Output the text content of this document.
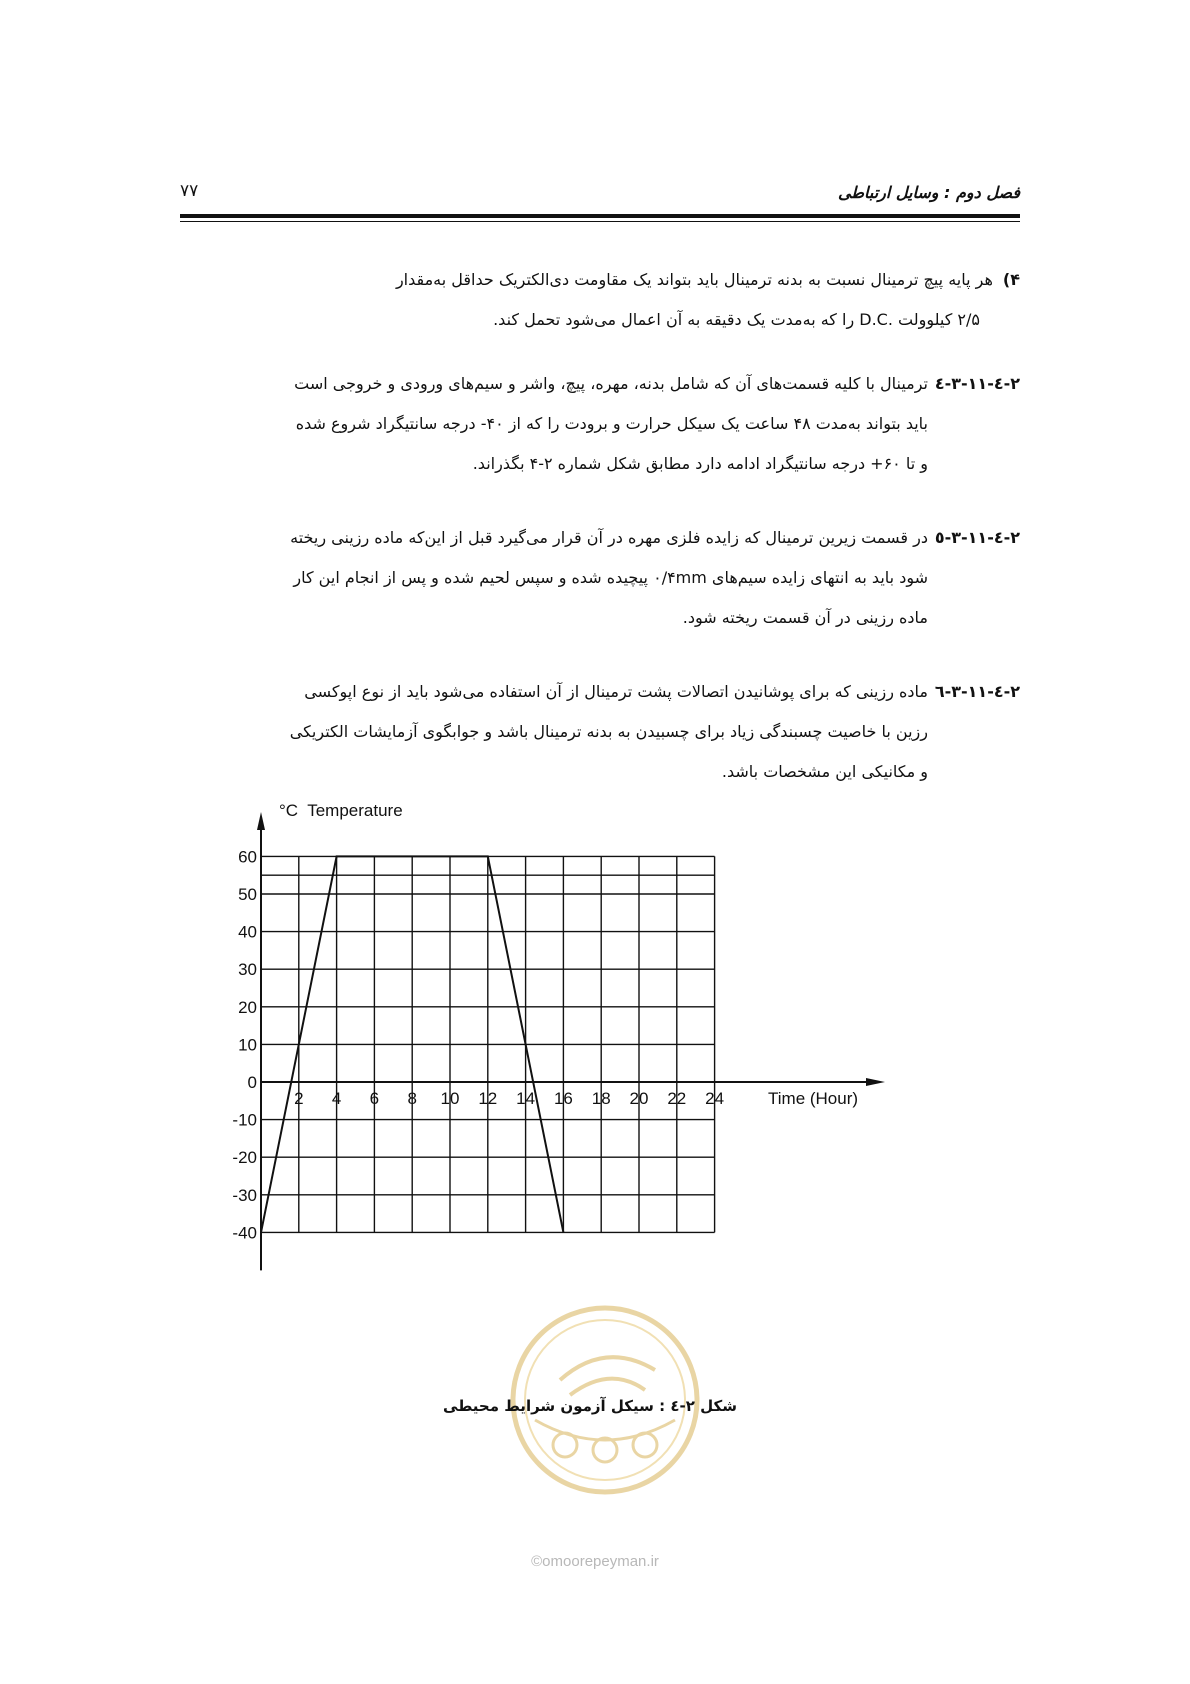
فصل دوم : وسایل ارتباطی
۷۷
۴)هر پایه پیچ ترمینال نسبت به بدنه ترمینال باید بتواند یک مقاومت دی‌الکتریک حداقل به‌مقدار
۲/۵ کیلوولت .D.C را که به‌مدت یک دقیقه به آن اعمال می‌شود تحمل کند.
۲-٤-۳-۱۱-٤
ترمینال با کلیه قسمت‌های آن که شامل بدنه، مهره، پیچ، واشر و سیم‌های ورودی و خروجی است
باید بتواند به‌مدت ۴۸ ساعت یک سیکل حرارت و برودت را که از ۴۰- درجه سانتیگراد شروع شده
و تا ۶۰+ درجه سانتیگراد ادامه دارد مطابق شکل شماره ۲-۴ بگذراند.
۲-٤-۳-۱۱-٥
در قسمت زیرین ترمینال که زایده فلزی مهره در آن قرار می‌گیرد قبل از این‌که ماده رزینی ریخته
شود باید به انتهای زایده سیم‌های ۰/۴mm پیچیده شده و سپس لحیم شده و پس از انجام این کار
ماده رزینی در آن قسمت ریخته شود.
۲-٤-۳-۱۱-٦
ماده رزینی که برای پوشانیدن اتصالات پشت ترمینال از آن استفاده می‌شود باید از نوع اپوکسی
رزین با خاصیت چسبندگی زیاد برای چسبیدن به بدنه ترمینال باشد و جوابگوی آزمایشات الکتریکی
و مکانیکی این مشخصات باشد.
60
50
40
30
20
10
0
-10
-20
-30
-40
2 4 6 8 10 12 14 16 18 20 22 24
°C  Temperature
Time (Hour)
شکل ۲-٤ : سیکل آزمون شرایط محیطی
©omoorepeyman.ir
